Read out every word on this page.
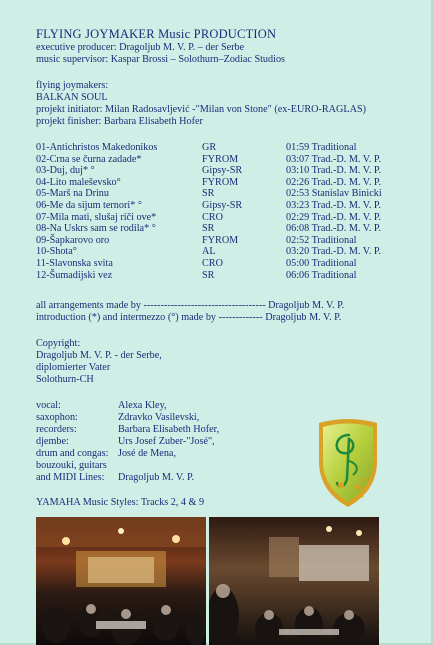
FLYING JOYMAKER Music PRODUCTION
executive producer: Dragoljub M. V. P. – der Serbe
music supervisor: Kaspar Brossi – Solothurn–Zodiac Studios
flying joymakers:
BALKAN SOUL
projekt initiator: Milan Radosavljević -"Milan von Stone" (ex-EURO-RAGLAS)
projekt finisher: Barbara Elisabeth Hofer
01-Antichristos Makedonikos	GR	01:59 Traditional
02-Crna se čurna zadade*	FYROM	03:07 Trad.-D. M. V. P.
03-Duj, duj* °	Gipsy-SR	03:10 Trad.-D. M. V. P.
04-Lito maleševsko°	FYROM	02:26 Trad.-D. M. V. P.
05-Marš na Drinu	SR	02:53 Stanislav Binicki
06-Me da sijum ternori* °	Gipsy-SR	03:23 Trad.-D. M. V. P.
07-Mila mati, slušaj riči ove*	CRO	02:29 Trad.-D. M. V. P.
08-Na Uskrs sam se rodila* °	SR	06:08 Trad.-D. M. V. P.
09-Šapkarovo oro	FYROM	02:52 Traditional
10-Shota°	AL	03:20 Trad.-D. M. V. P.
11-Slavonska svita	CRO	05:00 Traditional
12-Šumadijski vez	SR	06:06 Traditional
all arrangements made by ------------------------------------ Dragoljub M. V. P.
introduction (*) and intermezzo (°) made by ------------- Dragoljub M. V. P.
Copyright:
Dragoljub M. V. P. - der Serbe,
diplomierter Vater
Solothurn-CH
vocal:	Alexa Kley,
saxophon:	Zdravko Vasilevski,
recorders:	Barbara Elisabeth Hofer,
djembe:	Urs Josef Zuber-"José",
drum and congas: José de Mena,
bouzouki, guitars
and MIDI Lines: Dragoljub M. V. P.
YAMAHA Music Styles: Tracks 2, 4 & 9
